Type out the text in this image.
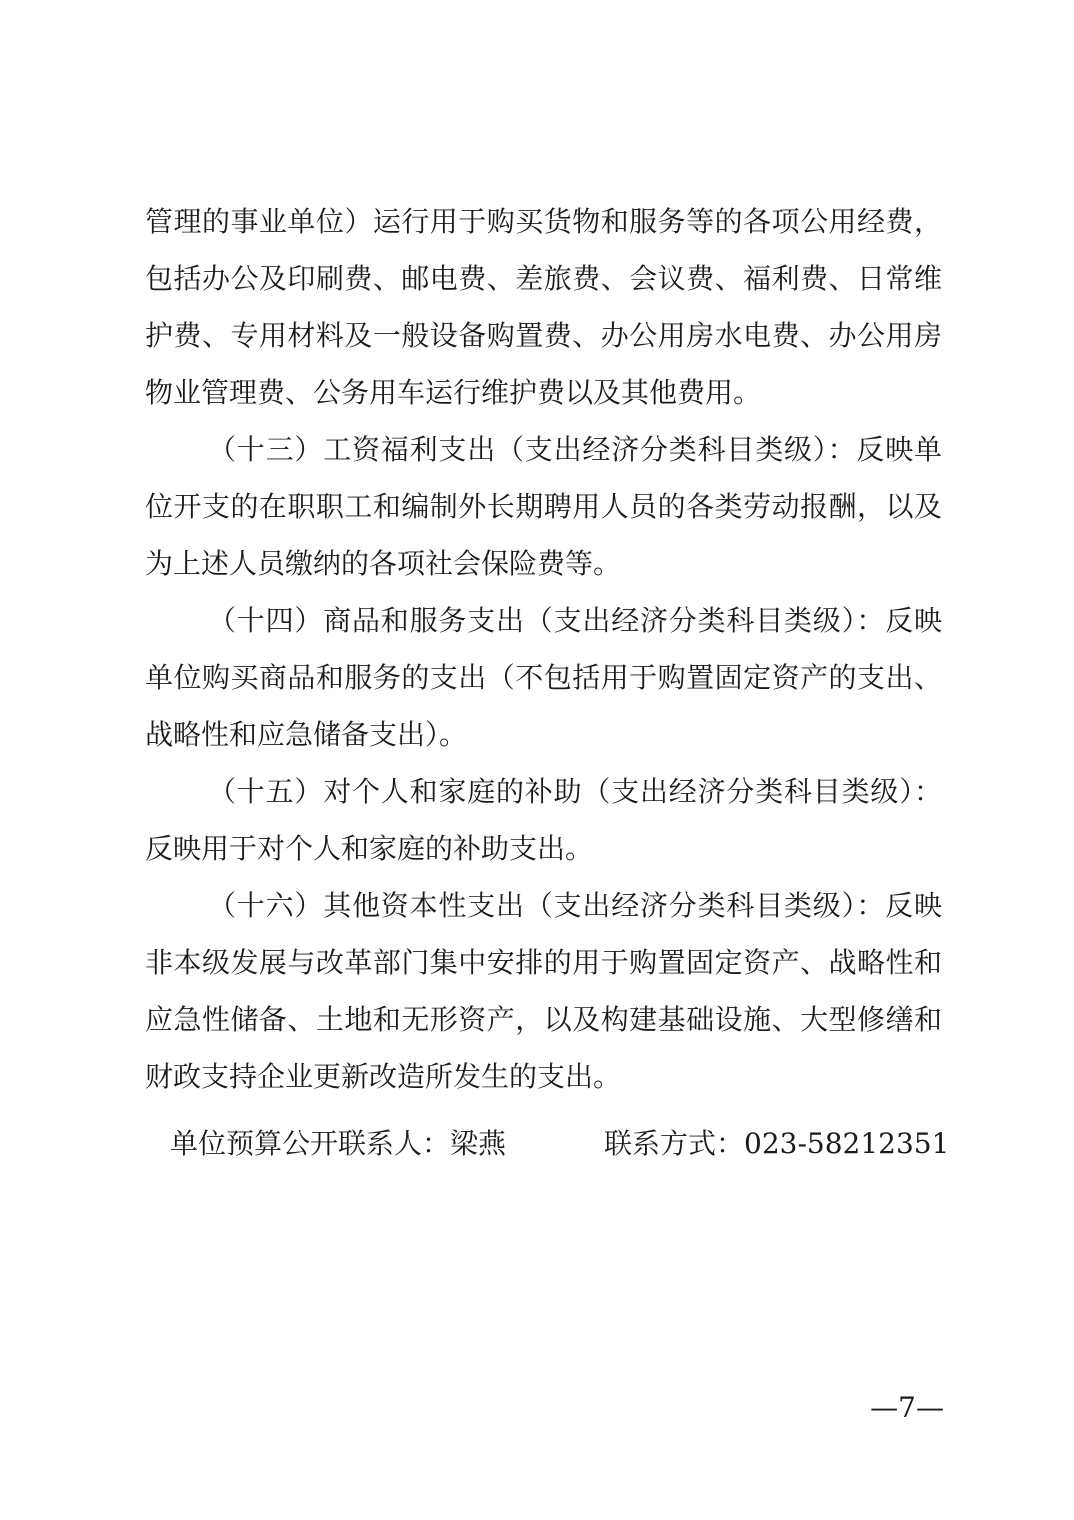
管理的事业单位）运行用于购买货物和服务等的各项公用经费，
包括办公及印刷费、邮电费、差旅费、会议费、福利费、日常维
护费、专用材料及一般设备购置费、办公用房水电费、办公用房
物业管理费、公务用车运行维护费以及其他费用。
（十三）工资福利支出（支出经济分类科目类级）：反映单
位开支的在职职工和编制外长期聘用人员的各类劳动报酬，以及
为上述人员缴纳的各项社会保险费等。
（十四）商品和服务支出（支出经济分类科目类级）：反映
单位购买商品和服务的支出（不包括用于购置固定资产的支出、
战略性和应急储备支出）。
（十五）对个人和家庭的补助（支出经济分类科目类级）：
反映用于对个人和家庭的补助支出。
（十六）其他资本性支出（支出经济分类科目类级）：反映
非本级发展与改革部门集中安排的用于购置固定资产、战略性和
应急性储备、土地和无形资产，以及构建基础设施、大型修缮和
财政支持企业更新改造所发生的支出。
单位预算公开联系人：梁燕	联系方式：023-58212351
—7—
